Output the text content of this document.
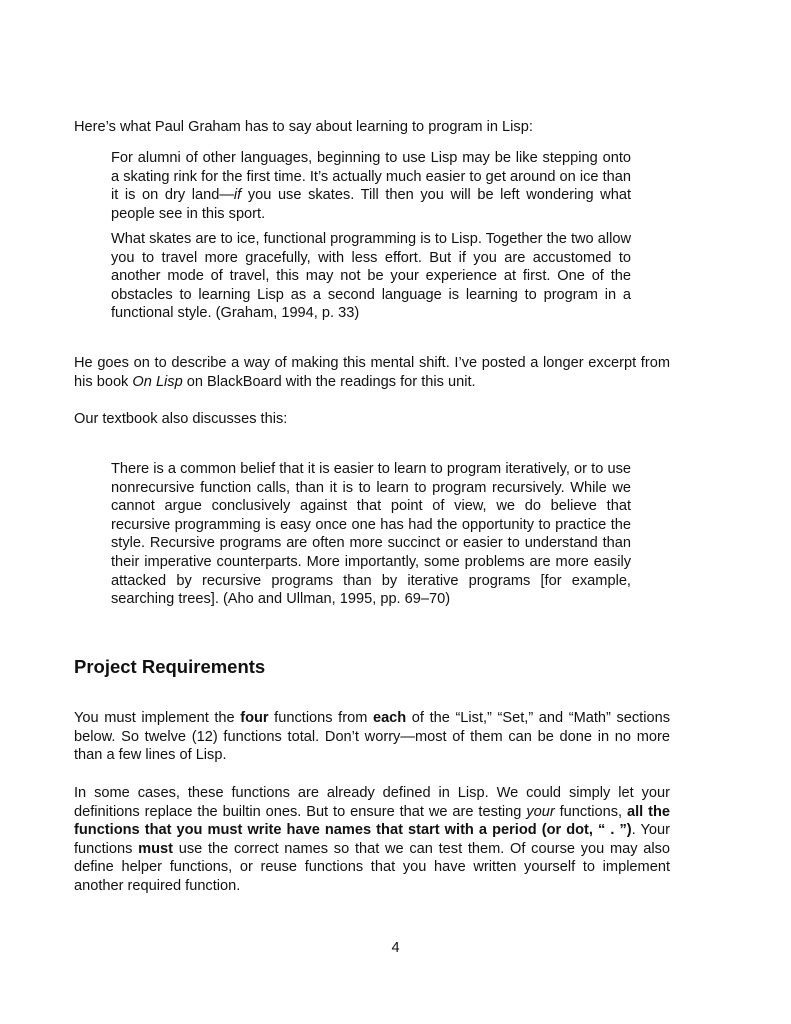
Here’s what Paul Graham has to say about learning to program in Lisp:

For alumni of other languages, beginning to use Lisp may be like stepping onto a skating rink for the first time. It’s actually much easier to get around on ice than it is on dry land—if you use skates. Till then you will be left wondering what people see in this sport.
What skates are to ice, functional programming is to Lisp. Together the two allow you to travel more gracefully, with less effort. But if you are accustomed to another mode of travel, this may not be your experience at first. One of the obstacles to learning Lisp as a second language is learning to program in a functional style. (Graham, 1994, p. 33)

He goes on to describe a way of making this mental shift. I’ve posted a longer excerpt from his book On Lisp on BlackBoard with the readings for this unit.

Our textbook also discusses this:

There is a common belief that it is easier to learn to program iteratively, or to use nonrecursive function calls, than it is to learn to program recursively. While we cannot argue conclusively against that point of view, we do believe that recursive programming is easy once one has had the opportunity to practice the style. Recursive programs are often more succinct or easier to understand than their imperative counterparts. More importantly, some problems are more easily attacked by recursive programs than by iterative programs [for example, searching trees]. (Aho and Ullman, 1995, pp. 69–70)
Project Requirements

You must implement the four functions from each of the “List,” “Set,” and “Math” sections below. So twelve (12) functions total. Don’t worry—most of them can be done in no more than a few lines of Lisp.

In some cases, these functions are already defined in Lisp. We could simply let your definitions replace the builtin ones. But to ensure that we are testing your functions, all the functions that you must write have names that start with a period (or dot, “ . ”). Your functions must use the correct names so that we can test them. Of course you may also define helper functions, or reuse functions that you have written yourself to implement another required function.

4
